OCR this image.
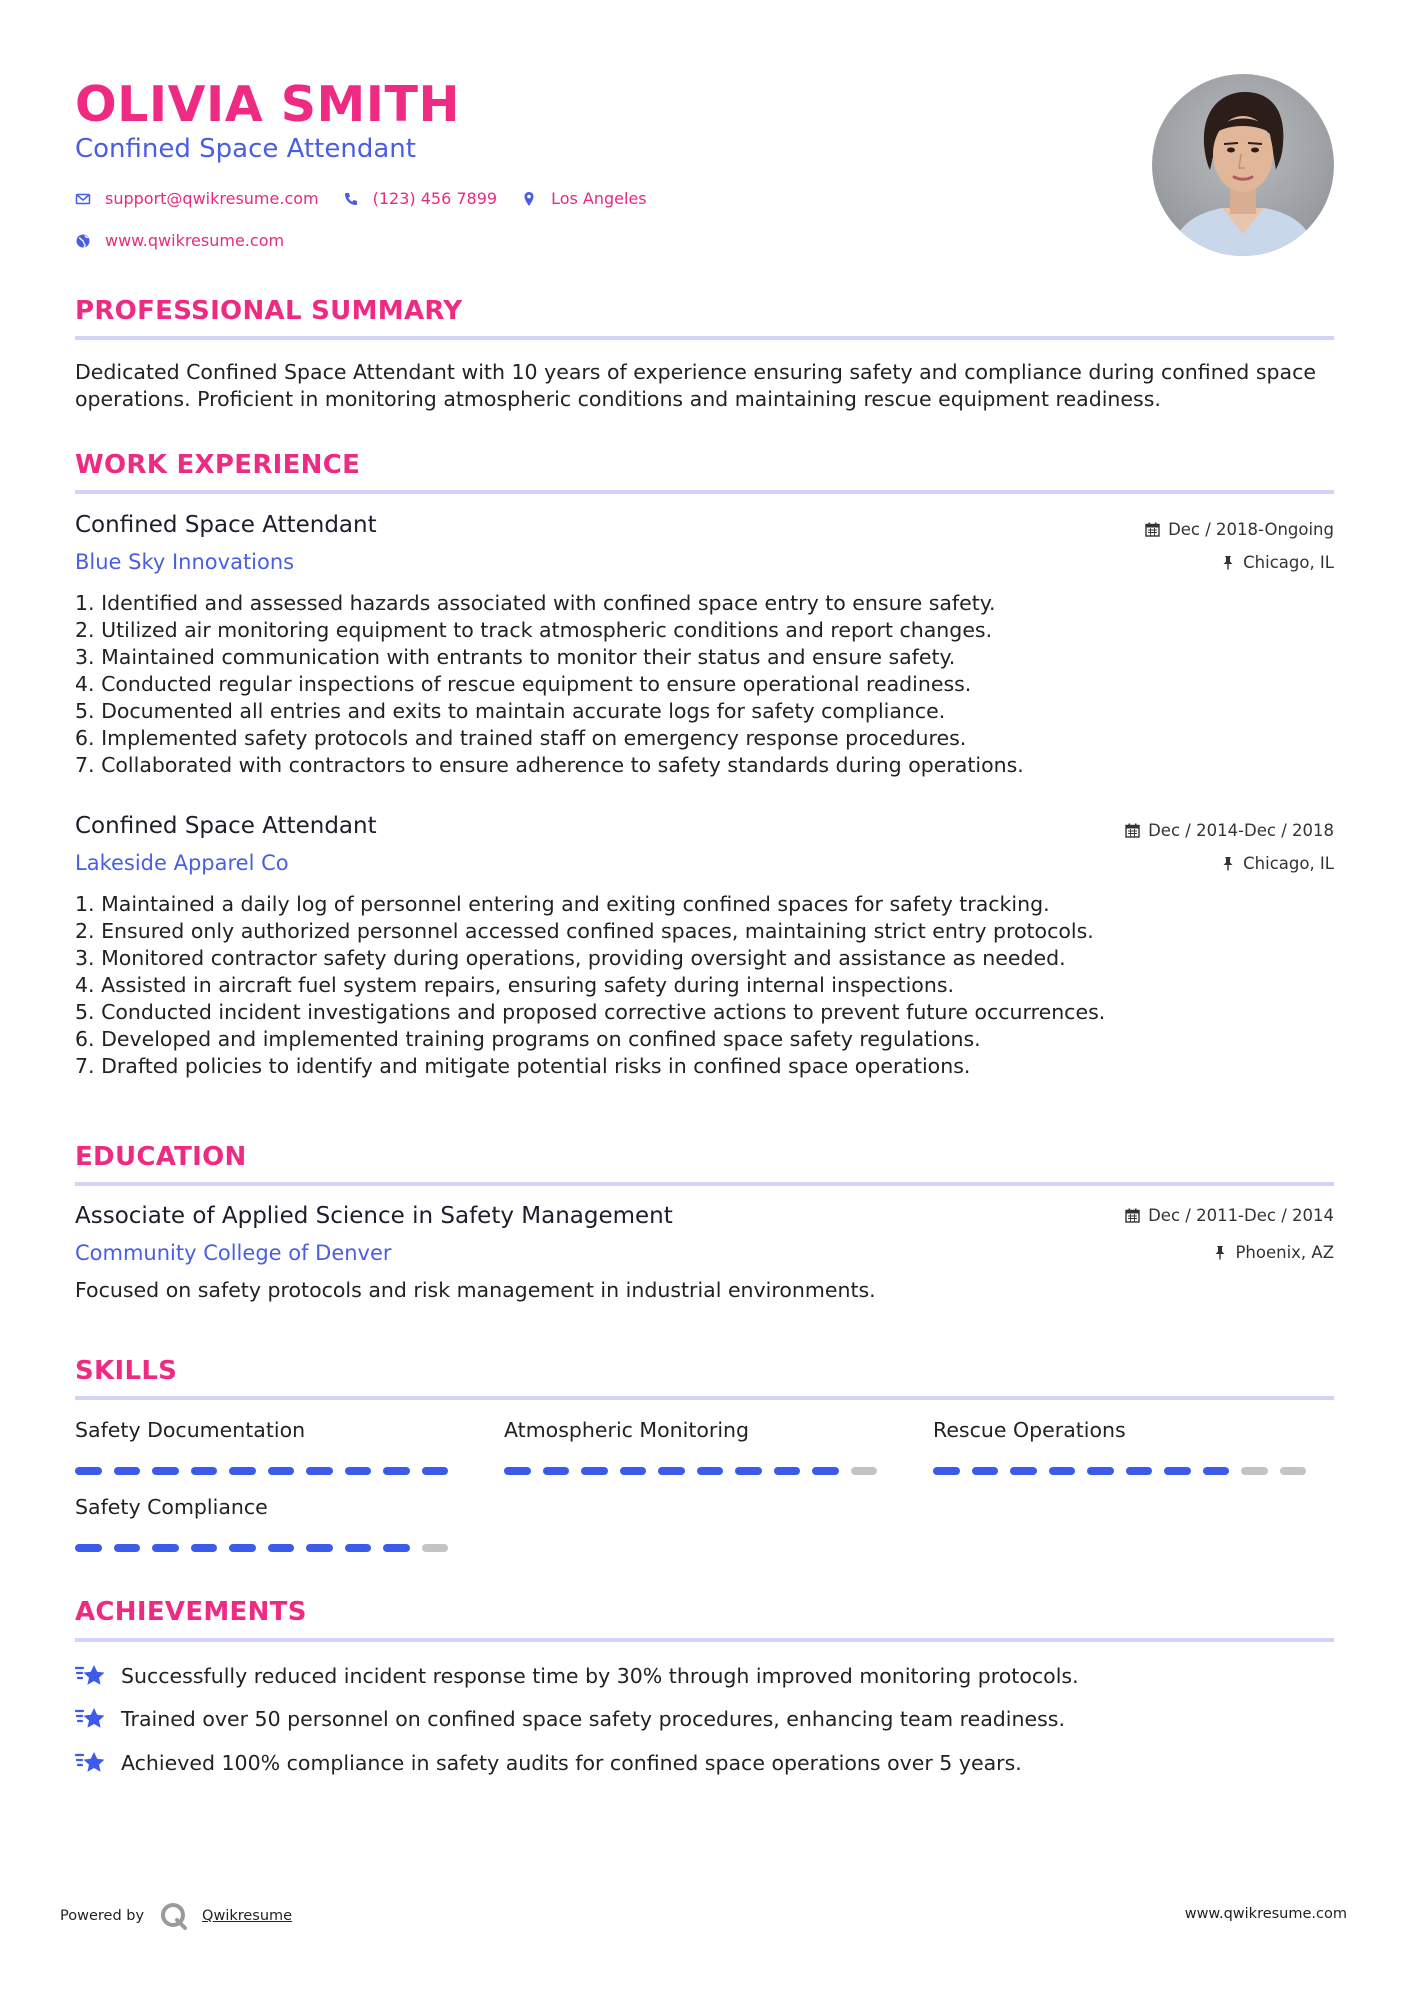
OLIVIA SMITH
Confined Space Attendant
support@qwikresume.com	(123) 456 7899	Los Angeles
www.qwikresume.com
PROFESSIONAL SUMMARY
Dedicated Confined Space Attendant with 10 years of experience ensuring safety and compliance during confined space operations. Proficient in monitoring atmospheric conditions and maintaining rescue equipment readiness.
WORK EXPERIENCE
Confined Space Attendant
Blue Sky Innovations
Dec / 2018-Ongoing
Chicago, IL
1. Identified and assessed hazards associated with confined space entry to ensure safety.
2. Utilized air monitoring equipment to track atmospheric conditions and report changes.
3. Maintained communication with entrants to monitor their status and ensure safety.
4. Conducted regular inspections of rescue equipment to ensure operational readiness.
5. Documented all entries and exits to maintain accurate logs for safety compliance.
6. Implemented safety protocols and trained staff on emergency response procedures.
7. Collaborated with contractors to ensure adherence to safety standards during operations.
Confined Space Attendant
Lakeside Apparel Co
Dec / 2014-Dec / 2018
Chicago, IL
1. Maintained a daily log of personnel entering and exiting confined spaces for safety tracking.
2. Ensured only authorized personnel accessed confined spaces, maintaining strict entry protocols.
3. Monitored contractor safety during operations, providing oversight and assistance as needed.
4. Assisted in aircraft fuel system repairs, ensuring safety during internal inspections.
5. Conducted incident investigations and proposed corrective actions to prevent future occurrences.
6. Developed and implemented training programs on confined space safety regulations.
7. Drafted policies to identify and mitigate potential risks in confined space operations.
EDUCATION
Associate of Applied Science in Safety Management
Community College of Denver
Dec / 2011-Dec / 2014
Phoenix, AZ
Focused on safety protocols and risk management in industrial environments.
SKILLS
Safety Documentation	Atmospheric Monitoring	Rescue Operations
Safety Compliance
ACHIEVEMENTS
Successfully reduced incident response time by 30% through improved monitoring protocols.
Trained over 50 personnel on confined space safety procedures, enhancing team readiness.
Achieved 100% compliance in safety audits for confined space operations over 5 years.
Powered by	Qwikresume	www.qwikresume.com
